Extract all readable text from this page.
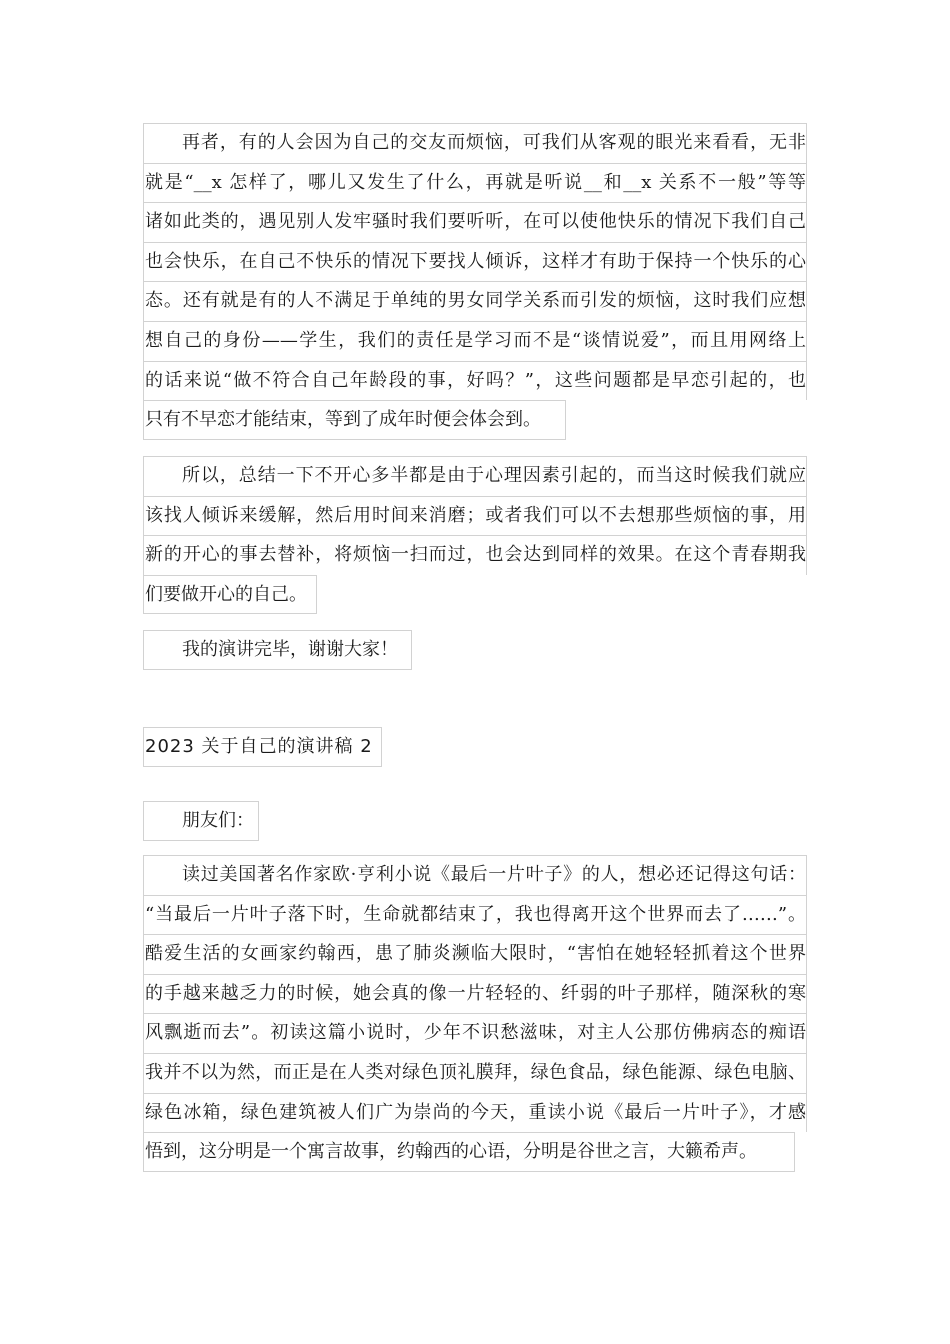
再者，有的人会因为自己的交友而烦恼，可我们从客观的眼光来看看，无非
就是“__x 怎样了，哪儿又发生了什么，再就是听说__和__x 关系不一般”等等
诸如此类的，遇见别人发牢骚时我们要听听，在可以使他快乐的情况下我们自己
也会快乐，在自己不快乐的情况下要找人倾诉，这样才有助于保持一个快乐的心
态。还有就是有的人不满足于单纯的男女同学关系而引发的烦恼，这时我们应想
想自己的身份——学生，我们的责任是学习而不是“谈情说爱”，而且用网络上
的话来说“做不符合自己年龄段的事，好吗？”，这些问题都是早恋引起的，也
只有不早恋才能结束，等到了成年时便会体会到。
所以，总结一下不开心多半都是由于心理因素引起的，而当这时候我们就应
该找人倾诉来缓解，然后用时间来消磨；或者我们可以不去想那些烦恼的事，用
新的开心的事去替补，将烦恼一扫而过，也会达到同样的效果。在这个青春期我
们要做开心的自己。
我的演讲完毕，谢谢大家！
2023 关于自己的演讲稿 2
朋友们：
读过美国著名作家欧·亨利小说《最后一片叶子》的人，想必还记得这句话：
“当最后一片叶子落下时，生命就都结束了，我也得离开这个世界而去了……”。
酷爱生活的女画家约翰西，患了肺炎濒临大限时，“害怕在她轻轻抓着这个世界
的手越来越乏力的时候，她会真的像一片轻轻的、纤弱的叶子那样，随深秋的寒
风飘逝而去”。初读这篇小说时，少年不识愁滋味，对主人公那仿佛病态的痴语
我并不以为然，而正是在人类对绿色顶礼膜拜，绿色食品，绿色能源、绿色电脑、
绿色冰箱，绿色建筑被人们广为崇尚的今天，重读小说《最后一片叶子》，才感
悟到，这分明是一个寓言故事，约翰西的心语，分明是谷世之言，大籁希声。
